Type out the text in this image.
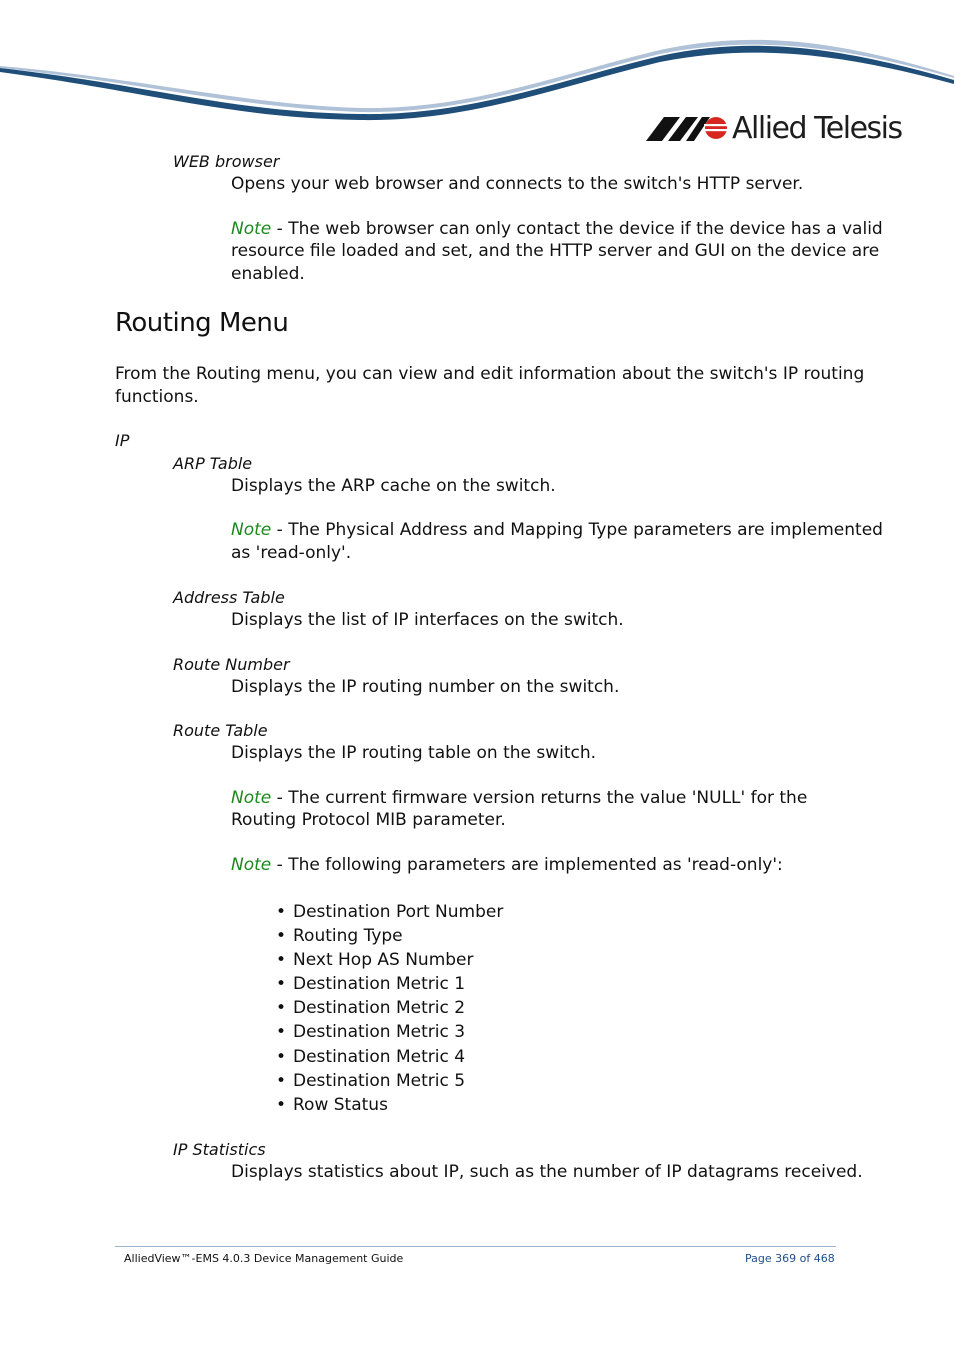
Allied Telesis
WEB browser
Opens your web browser and connects to the switch's HTTP server.
Note - The web browser can only contact the device if the device has a valid
resource file loaded and set, and the HTTP server and GUI on the device are
enabled.
Routing Menu
From the Routing menu, you can view and edit information about the switch's IP routing
functions.
IP
ARP Table
Displays the ARP cache on the switch.
Note - The Physical Address and Mapping Type parameters are implemented
as 'read-only'.
Address Table
Displays the list of IP interfaces on the switch.
Route Number
Displays the IP routing number on the switch.
Route Table
Displays the IP routing table on the switch.
Note - The current firmware version returns the value 'NULL' for the
Routing Protocol MIB parameter.
Note - The following parameters are implemented as 'read-only':
• Destination Port Number
• Routing Type
• Next Hop AS Number
• Destination Metric 1
• Destination Metric 2
• Destination Metric 3
• Destination Metric 4
• Destination Metric 5
• Row Status
IP Statistics
Displays statistics about IP, such as the number of IP datagrams received.
AlliedView™-EMS 4.0.3 Device Management Guide	Page 369 of 468
